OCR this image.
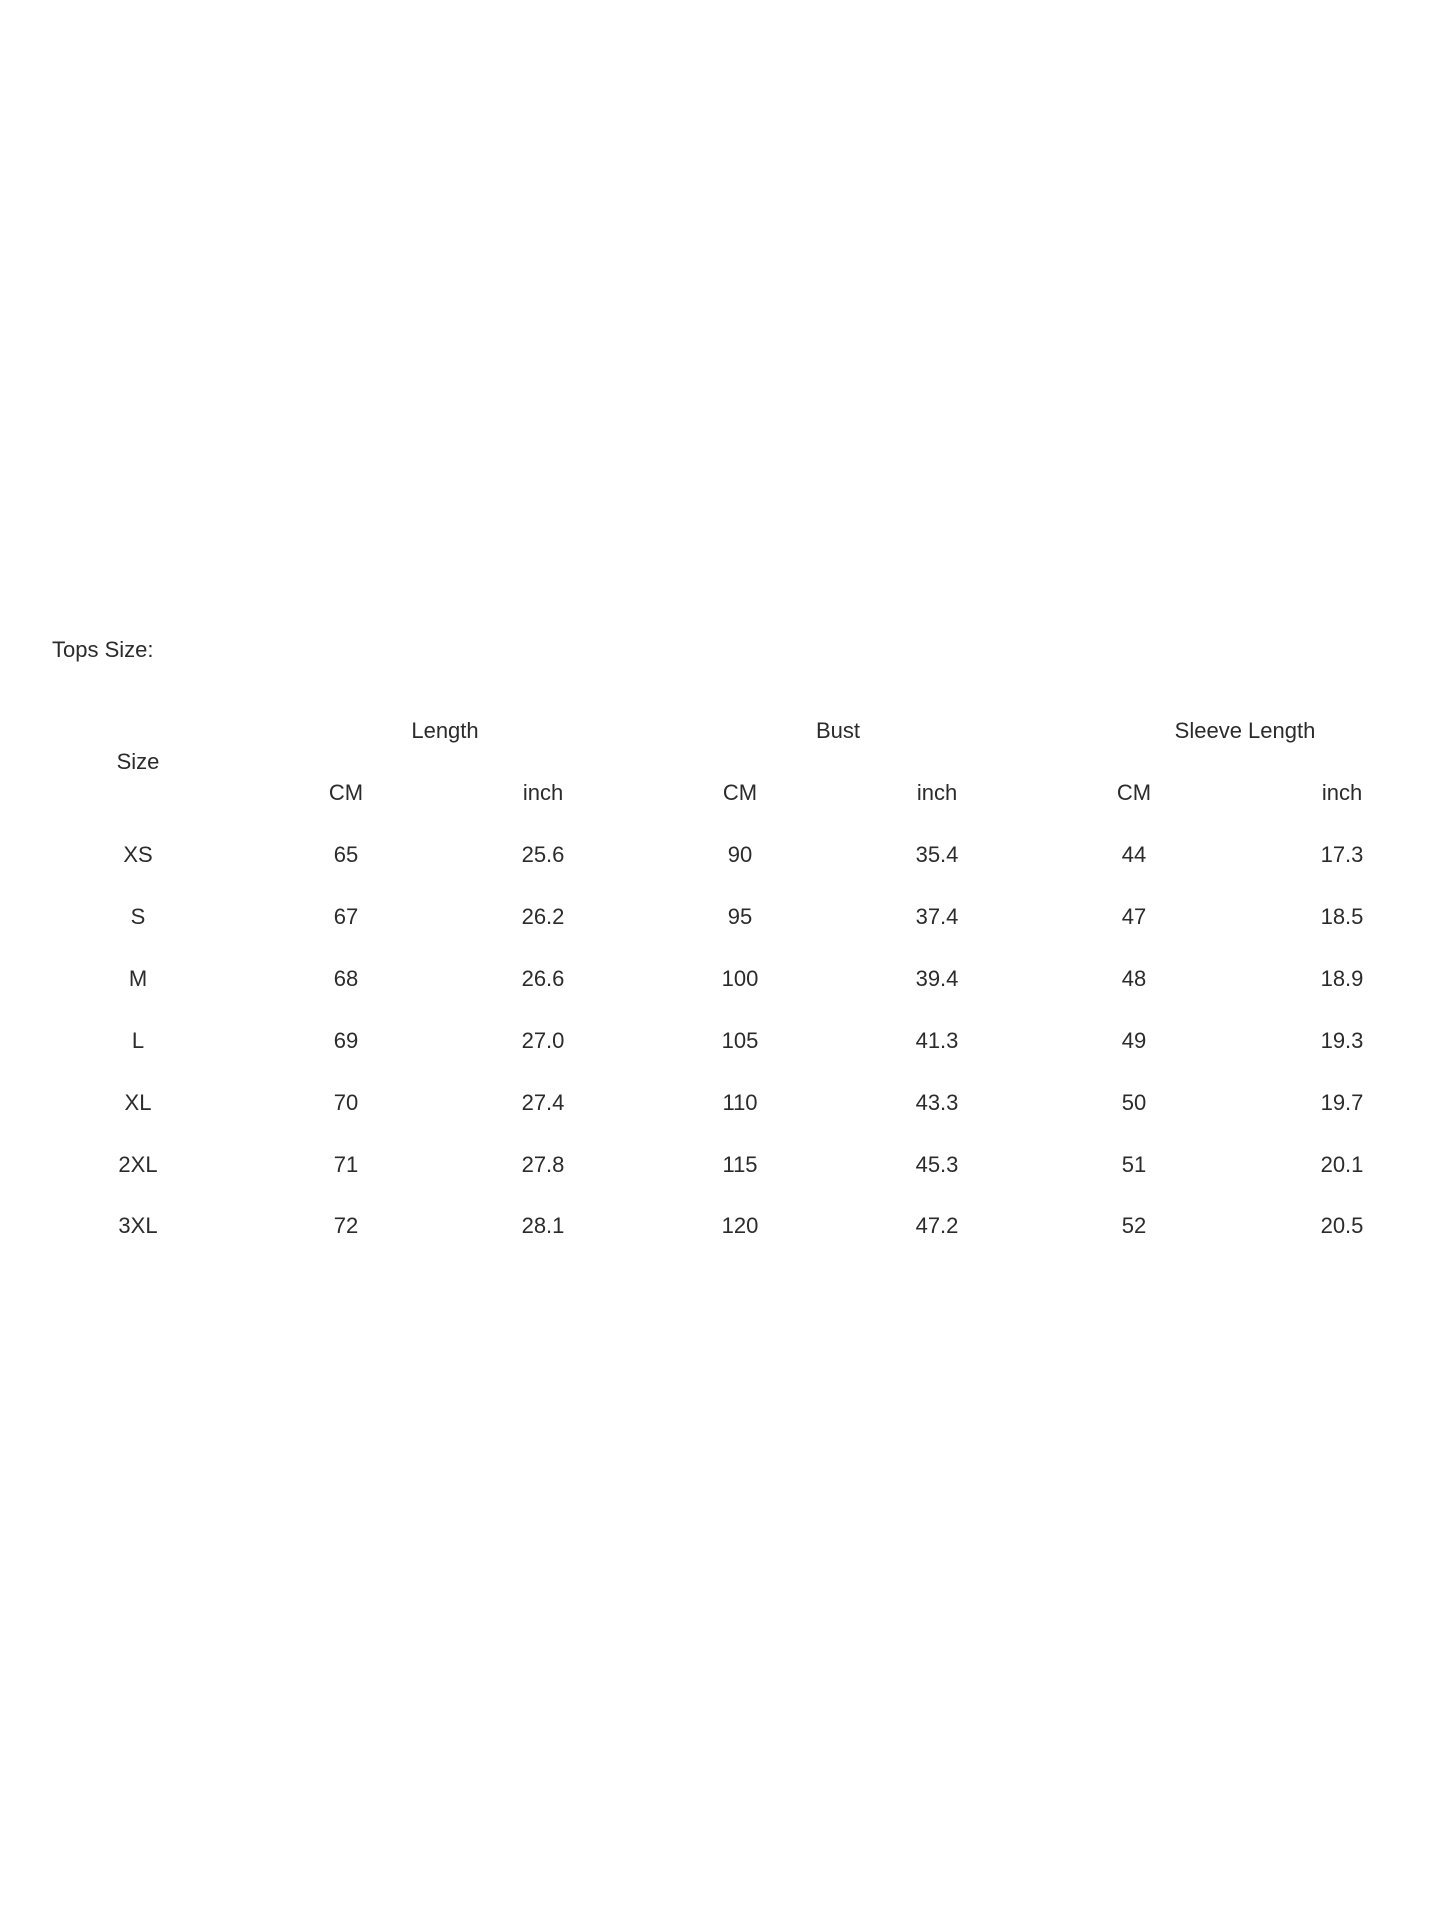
Tops Size:
Size
Length	Bust	Sleeve Length
CM	inch	CM	inch	CM	inch
XS	65	25.6	90	35.4	44	17.3
S	67	26.2	95	37.4	47	18.5
M	68	26.6	100	39.4	48	18.9
L	69	27.0	105	41.3	49	19.3
XL	70	27.4	110	43.3	50	19.7
2XL	71	27.8	115	45.3	51	20.1
3XL	72	28.1	120	47.2	52	20.5
